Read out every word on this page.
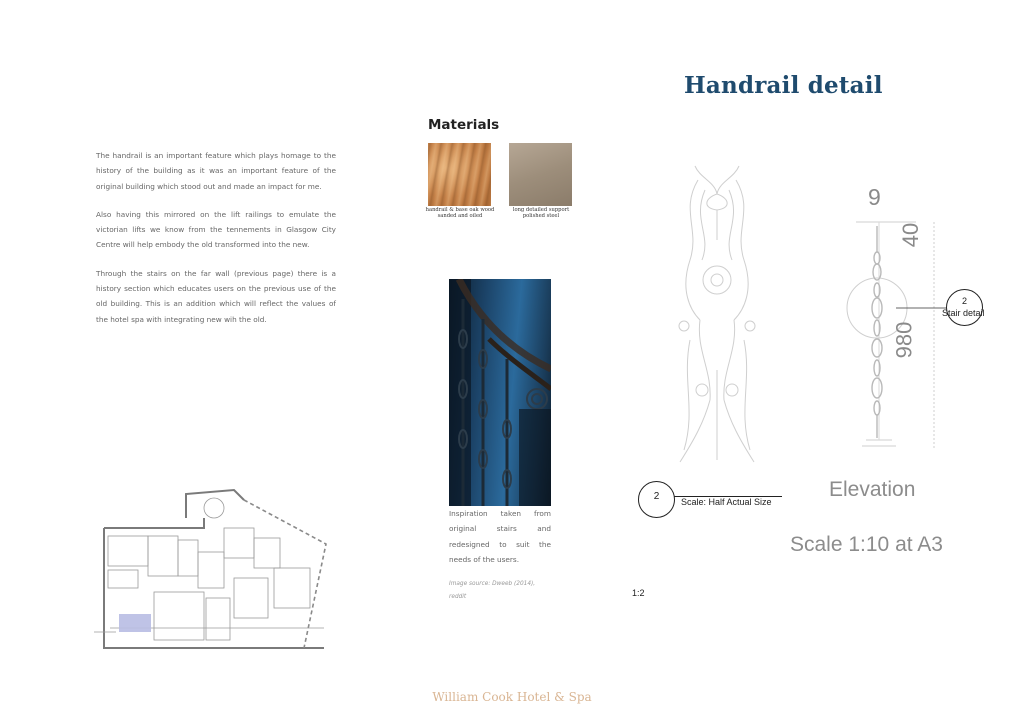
Handrail detail

The handrail is an important feature which plays homage to the history of the building as it was an important feature of the original building which stood out and made an impact for me.

Also having this mirrored on the lift railings to emulate the victorian lifts we know from the tennements in Glasgow City Centre will help embody the old transformed into the new.

Through the stairs on the far wall (previous page) there is a history section which educates users on the previous use of the old building. This is an addition which will reflect the values of the hotel spa with integrating new wih the old.

Materials
handrail & base oak wood sanded and oiled
long detailed support polished steel
Inspiration taken from original stairs and redesigned to suit the needs of the users.
Image source: Dweeb (2014), reddit
9
40
980
2
Stair detail
2	Scale: Half Actual Size
Elevation
Scale 1:10 at A3
1:2
William Cook Hotel & Spa
